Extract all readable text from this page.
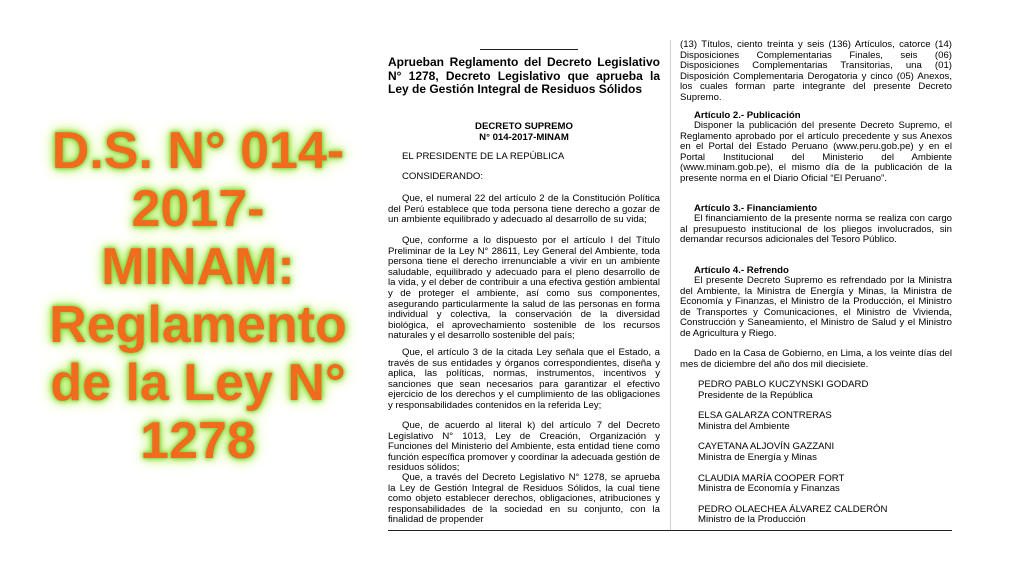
D.S. N° 014-
2017-
MINAM:
Reglamento
de la Ley N°
1278
Aprueban Reglamento del Decreto Legislativo N° 1278, Decreto Legislativo que aprueba la Ley de Gestión Integral de Residuos Sólidos
DECRETO SUPREMO
N° 014-2017-MINAM
EL PRESIDENTE DE LA REPÚBLICA
CONSIDERANDO:

Que, el numeral 22 del artículo 2 de la Constitución Política del Perú establece que toda persona tiene derecho a gozar de un ambiente equilibrado y adecuado al desarrollo de su vida;

Que, conforme a lo dispuesto por el artículo I del Título Preliminar de la Ley N° 28611, Ley General del Ambiente, toda persona tiene el derecho irrenunciable a vivir en un ambiente saludable, equilibrado y adecuado para el pleno desarrollo de la vida, y el deber de contribuir a una efectiva gestión ambiental y de proteger el ambiente, así como sus componentes, asegurando particularmente la salud de las personas en forma individual y colectiva, la conservación de la diversidad biológica, el aprovechamiento sostenible de los recursos naturales y el desarrollo sostenible del país;

Que, el artículo 3 de la citada Ley señala que el Estado, a través de sus entidades y órganos correspondientes, diseña y aplica, las políticas, normas, instrumentos, incentivos y sanciones que sean necesarios para garantizar el efectivo ejercicio de los derechos y el cumplimiento de las obligaciones y responsabilidades contenidos en la referida Ley;

Que, de acuerdo al literal k) del artículo 7 del Decreto Legislativo N° 1013, Ley de Creación, Organización y Funciones del Ministerio del Ambiente, esta entidad tiene como función específica promover y coordinar la adecuada gestión de residuos sólidos;

Que, a través del Decreto Legislativo N° 1278, se aprueba la Ley de Gestión Integral de Residuos Sólidos, la cual tiene como objeto establecer derechos, obligaciones, atribuciones y responsabilidades de la sociedad en su conjunto, con la finalidad de propender

(13) Títulos, ciento treinta y seis (136) Artículos, catorce (14) Disposiciones Complementarias Finales, seis (06) Disposiciones Complementarias Transitorias, una (01) Disposición Complementaria Derogatoria y cinco (05) Anexos, los cuales forman parte integrante del presente Decreto Supremo.

Artículo 2.- Publicación

Disponer la publicación del presente Decreto Supremo, el Reglamento aprobado por el artículo precedente y sus Anexos en el Portal del Estado Peruano (www.peru.gob.pe) y en el Portal Institucional del Ministerio del Ambiente (www.minam.gob.pe), el mismo día de la publicación de la presente norma en el Diario Oficial “El Peruano”.

Artículo 3.- Financiamiento

El financiamiento de la presente norma se realiza con cargo al presupuesto institucional de los pliegos involucrados, sin demandar recursos adicionales del Tesoro Público.

Artículo 4.- Refrendo

El presente Decreto Supremo es refrendado por la Ministra del Ambiente, la Ministra de Energía y Minas, la Ministra de Economía y Finanzas, el Ministro de la Producción, el Ministro de Transportes y Comunicaciones, el Ministro de Vivienda, Construcción y Saneamiento, el Ministro de Salud y el Ministro de Agricultura y Riego.

Dado en la Casa de Gobierno, en Lima, a los veinte días del mes de diciembre del año dos mil diecisiete.

PEDRO PABLO KUCZYNSKI GODARD
Presidente de la República
ELSA GALARZA CONTRERAS
Ministra del Ambiente
CAYETANA ALJOVÍN GAZZANI
Ministra de Energía y Minas
CLAUDIA MARÍA COOPER FORT
Ministra de Economía y Finanzas
PEDRO OLAECHEA ÁLVAREZ CALDERÓN
Ministro de la Producción
